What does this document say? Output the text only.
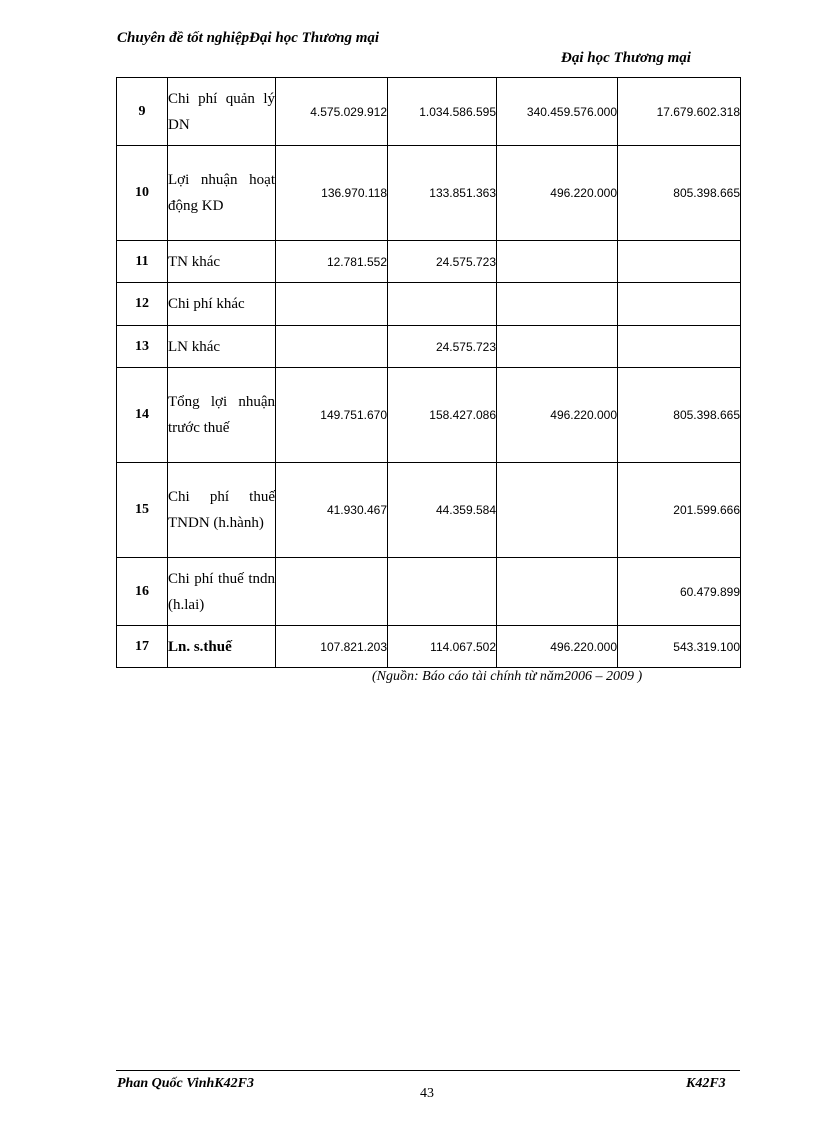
Chuyên đề tốt nghiệpĐại học Thương mại
Đại học Thương mại
9	Chi phí quản lý DN	4.575.029.912	1.034.586.595	340.459.576.000	17.679.602.318
10	Lợi nhuận hoạt động KD	136.970.118	133.851.363	496.220.000	805.398.665
11	TN khác	12.781.552	24.575.723		
12	Chi phí khác				
13	LN khác		24.575.723		
14	Tổng lợi nhuận trước thuế	149.751.670	158.427.086	496.220.000	805.398.665
15	Chi phí thuế TNDN (h.hành)	41.930.467	44.359.584		201.599.666
16	Chi phí thuế tndn (h.lai)				60.479.899
17	Ln. s.thuế	107.821.203	114.067.502	496.220.000	543.319.100
(Nguồn: Báo cáo tài chính từ năm2006 – 2009 )
Phan Quốc VinhK42F3
43
K42F3
